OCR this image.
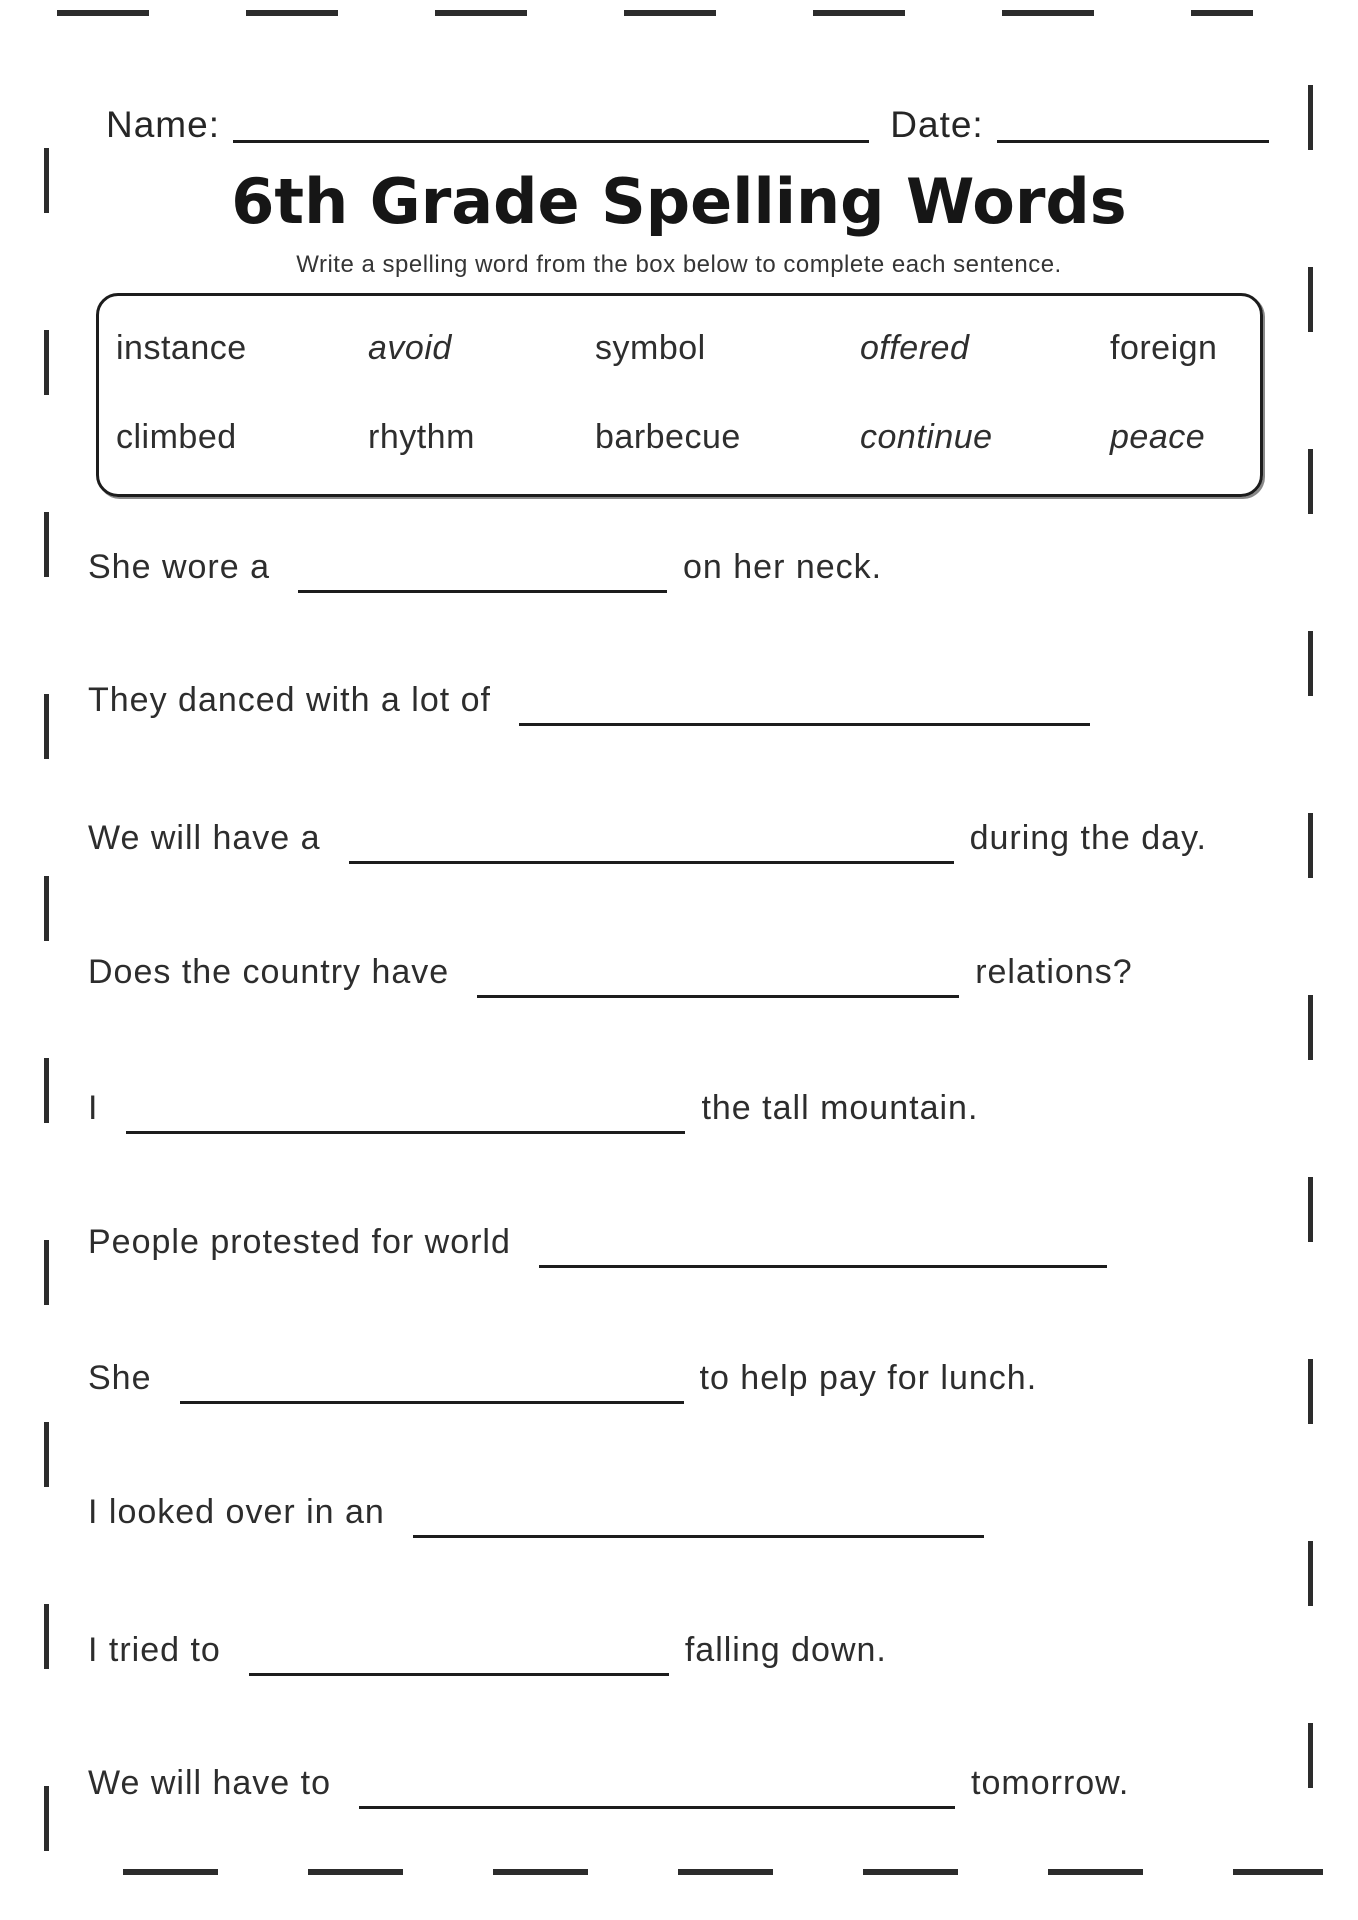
Name:	Date:
6th Grade Spelling Words
Write a spelling word from the box below to complete each sentence.
instance	avoid	symbol	offered	foreign
climbed	rhythm	barbecue	continue	peace
She wore a	on her neck.
They danced with a lot of
We will have a	during the day.
Does the country have	relations?
I	the tall mountain.
People protested for world
She	to help pay for lunch.
I looked over in an
I tried to	falling down.
We will have to	tomorrow.
